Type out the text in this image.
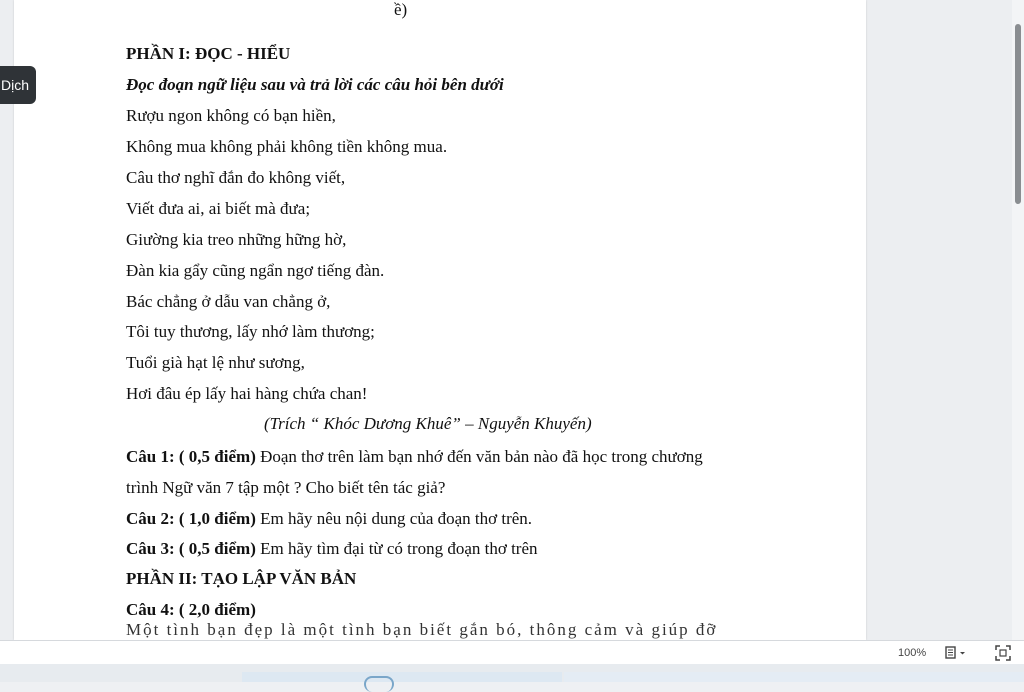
ề)
PHẦN I: ĐỌC - HIỂU
Đọc đoạn ngữ liệu sau và trả lời các câu hỏi bên dưới
Rượu ngon không có bạn hiền,
Không mua không phải không tiền không mua.
Câu thơ nghĩ đắn đo không viết,
Viết đưa ai, ai biết mà đưa;
Giường kia treo những hững hờ,
Đàn kia gẩy cũng ngẩn ngơ tiếng đàn.
Bác chẳng ở dẫu van chẳng ở,
Tôi tuy thương, lấy nhớ làm thương;
Tuổi già hạt lệ như sương,
Hơi đâu ép lấy hai hàng chứa chan!
(Trích “ Khóc Dương Khuê” – Nguyễn Khuyến)
Câu 1: ( 0,5 điểm) Đoạn thơ trên làm bạn nhớ đến văn bản nào đã học trong chương
trình Ngữ văn 7 tập một ? Cho biết tên tác giả?
Câu 2: ( 1,0 điểm) Em hãy nêu nội dung của đoạn thơ trên.
Câu 3: ( 0,5 điểm) Em hãy tìm đại từ có trong đoạn thơ trên
PHẦN II: TẠO LẬP VĂN BẢN
Câu 4: ( 2,0 điểm)
Một tình bạn đẹp là một tình bạn biết gắn bó, thông cảm và giúp đỡ
Dịch
100%
